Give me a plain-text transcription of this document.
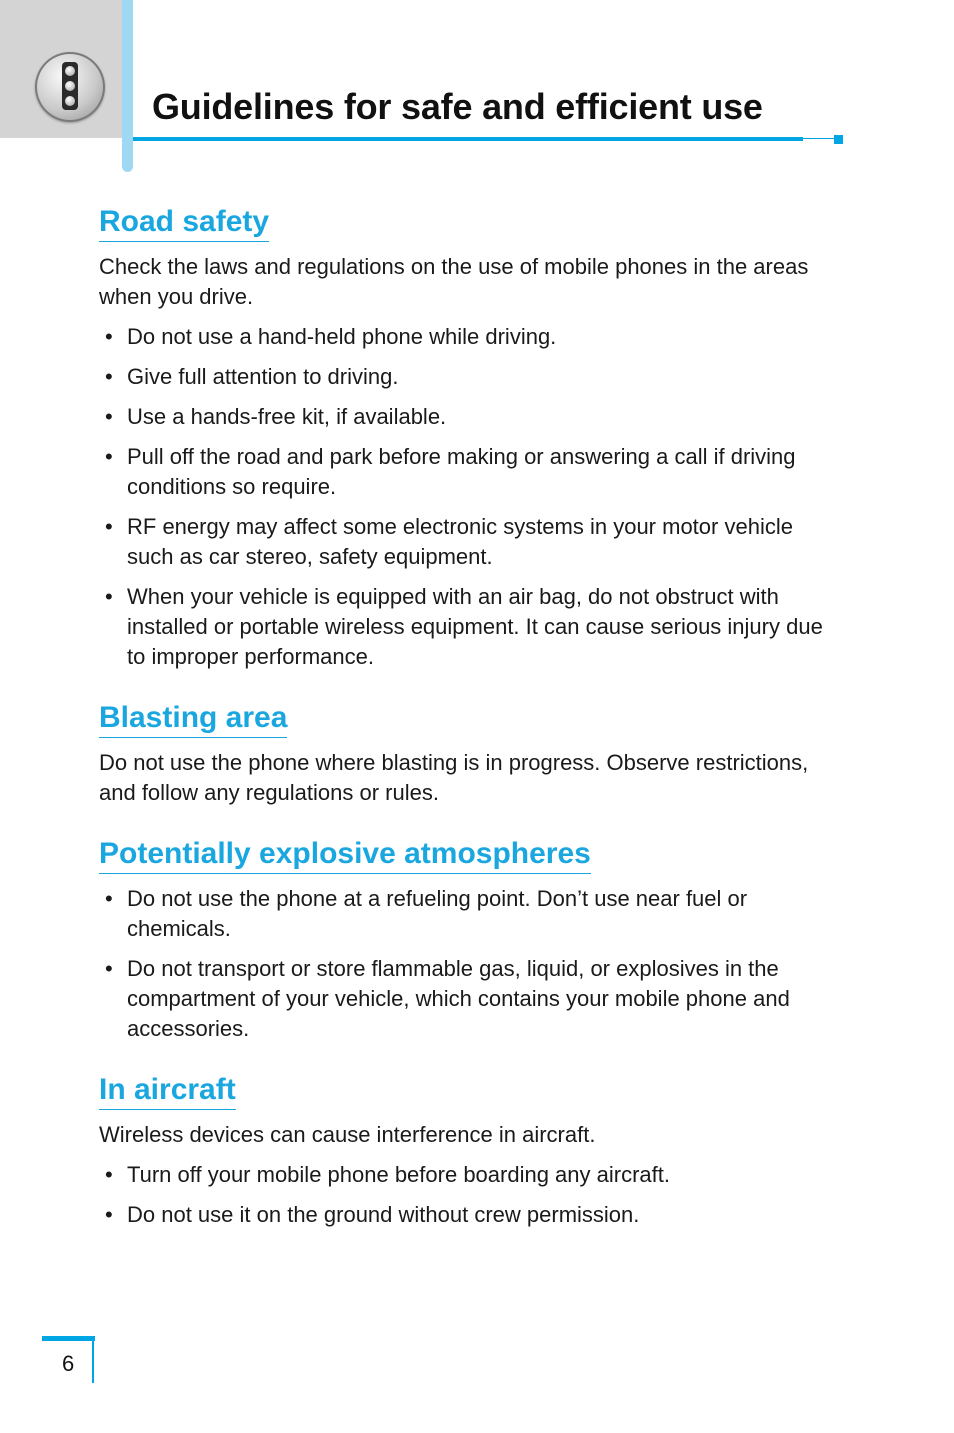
Guidelines for safe and efficient use
Road safety

Check the laws and regulations on the use of mobile phones in the areas when you drive.

• Do not use a hand-held phone while driving.
• Give full attention to driving.
• Use a hands-free kit, if available.
• Pull off the road and park before making or answering a call if driving conditions so require.
• RF energy may affect some electronic systems in your motor vehicle such as car stereo, safety equipment.
• When your vehicle is equipped with an air bag, do not obstruct with installed or portable wireless equipment. It can cause serious injury due to improper performance.
Blasting area

Do not use the phone where blasting is in progress. Observe restrictions, and follow any regulations or rules.

Potentially explosive atmospheres
• Do not use the phone at a refueling point. Don’t use near fuel or chemicals.
• Do not transport or store flammable gas, liquid, or explosives in the compartment of your vehicle, which contains your mobile phone and accessories.
In aircraft

Wireless devices can cause interference in aircraft.

• Turn off your mobile phone before boarding any aircraft.
• Do not use it on the ground without crew permission.
6
